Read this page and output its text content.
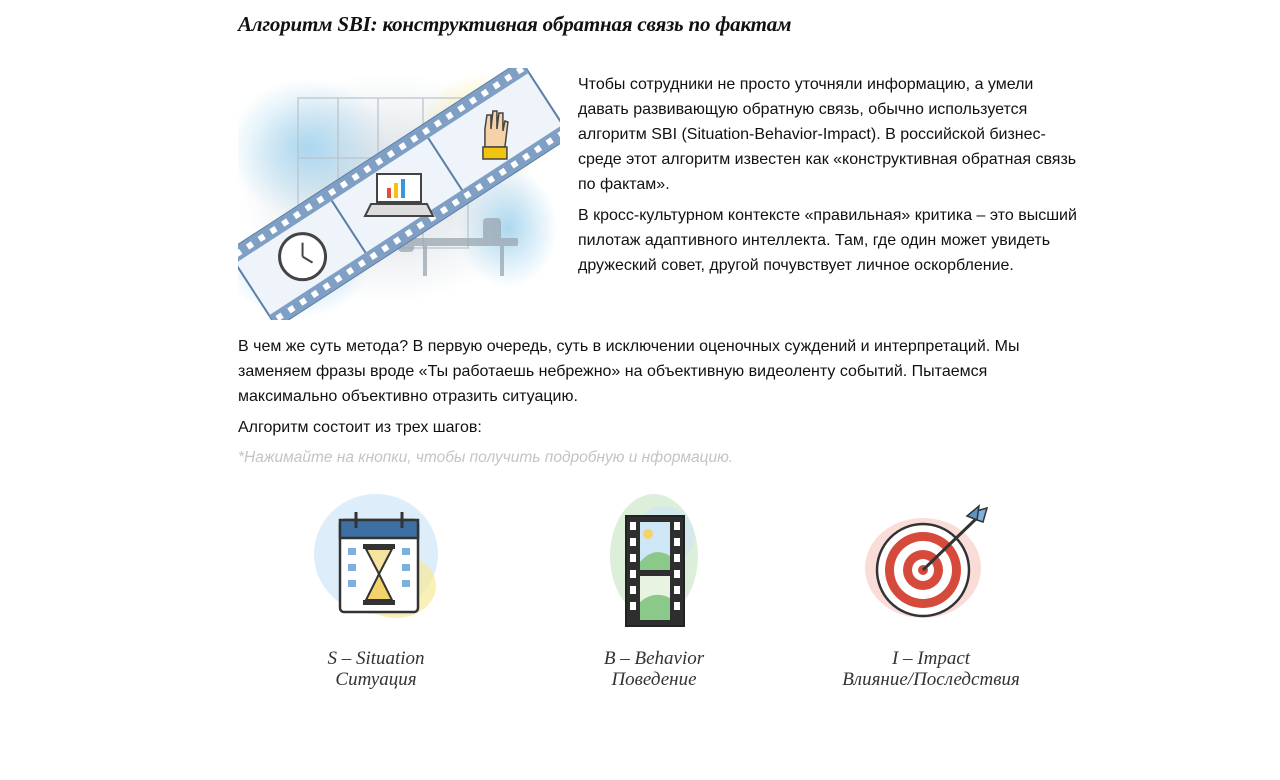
Алгоритм SBI: конструктивная обратная связь по фактам

Чтобы сотрудники не просто уточняли информацию, а умели давать развивающую обратную связь, обычно используется алгоритм SBI (Situation-Behavior-Impact). В российской бизнес-среде этот алгоритм известен как «конструктивная обратная связь по фактам».

В кросс-культурном контексте «правильная» критика – это высший пилотаж адаптивного интеллекта. Там, где один может увидеть дружеский совет, другой почувствует личное оскорбление.

В чем же суть метода? В первую очередь, суть в исключении оценочных суждений и интерпретаций. Мы заменяем фразы вроде «Ты работаешь небрежно» на объективную видеоленту событий. Пытаемся максимально объективно отразить ситуацию.

Алгоритм состоит из трех шагов:

*Нажимайте на кнопки, чтобы получить подробную и нформацию.

S – Situation
Ситуация
B – Behavior
Поведение
I – Impact
Влияние/Последствия
